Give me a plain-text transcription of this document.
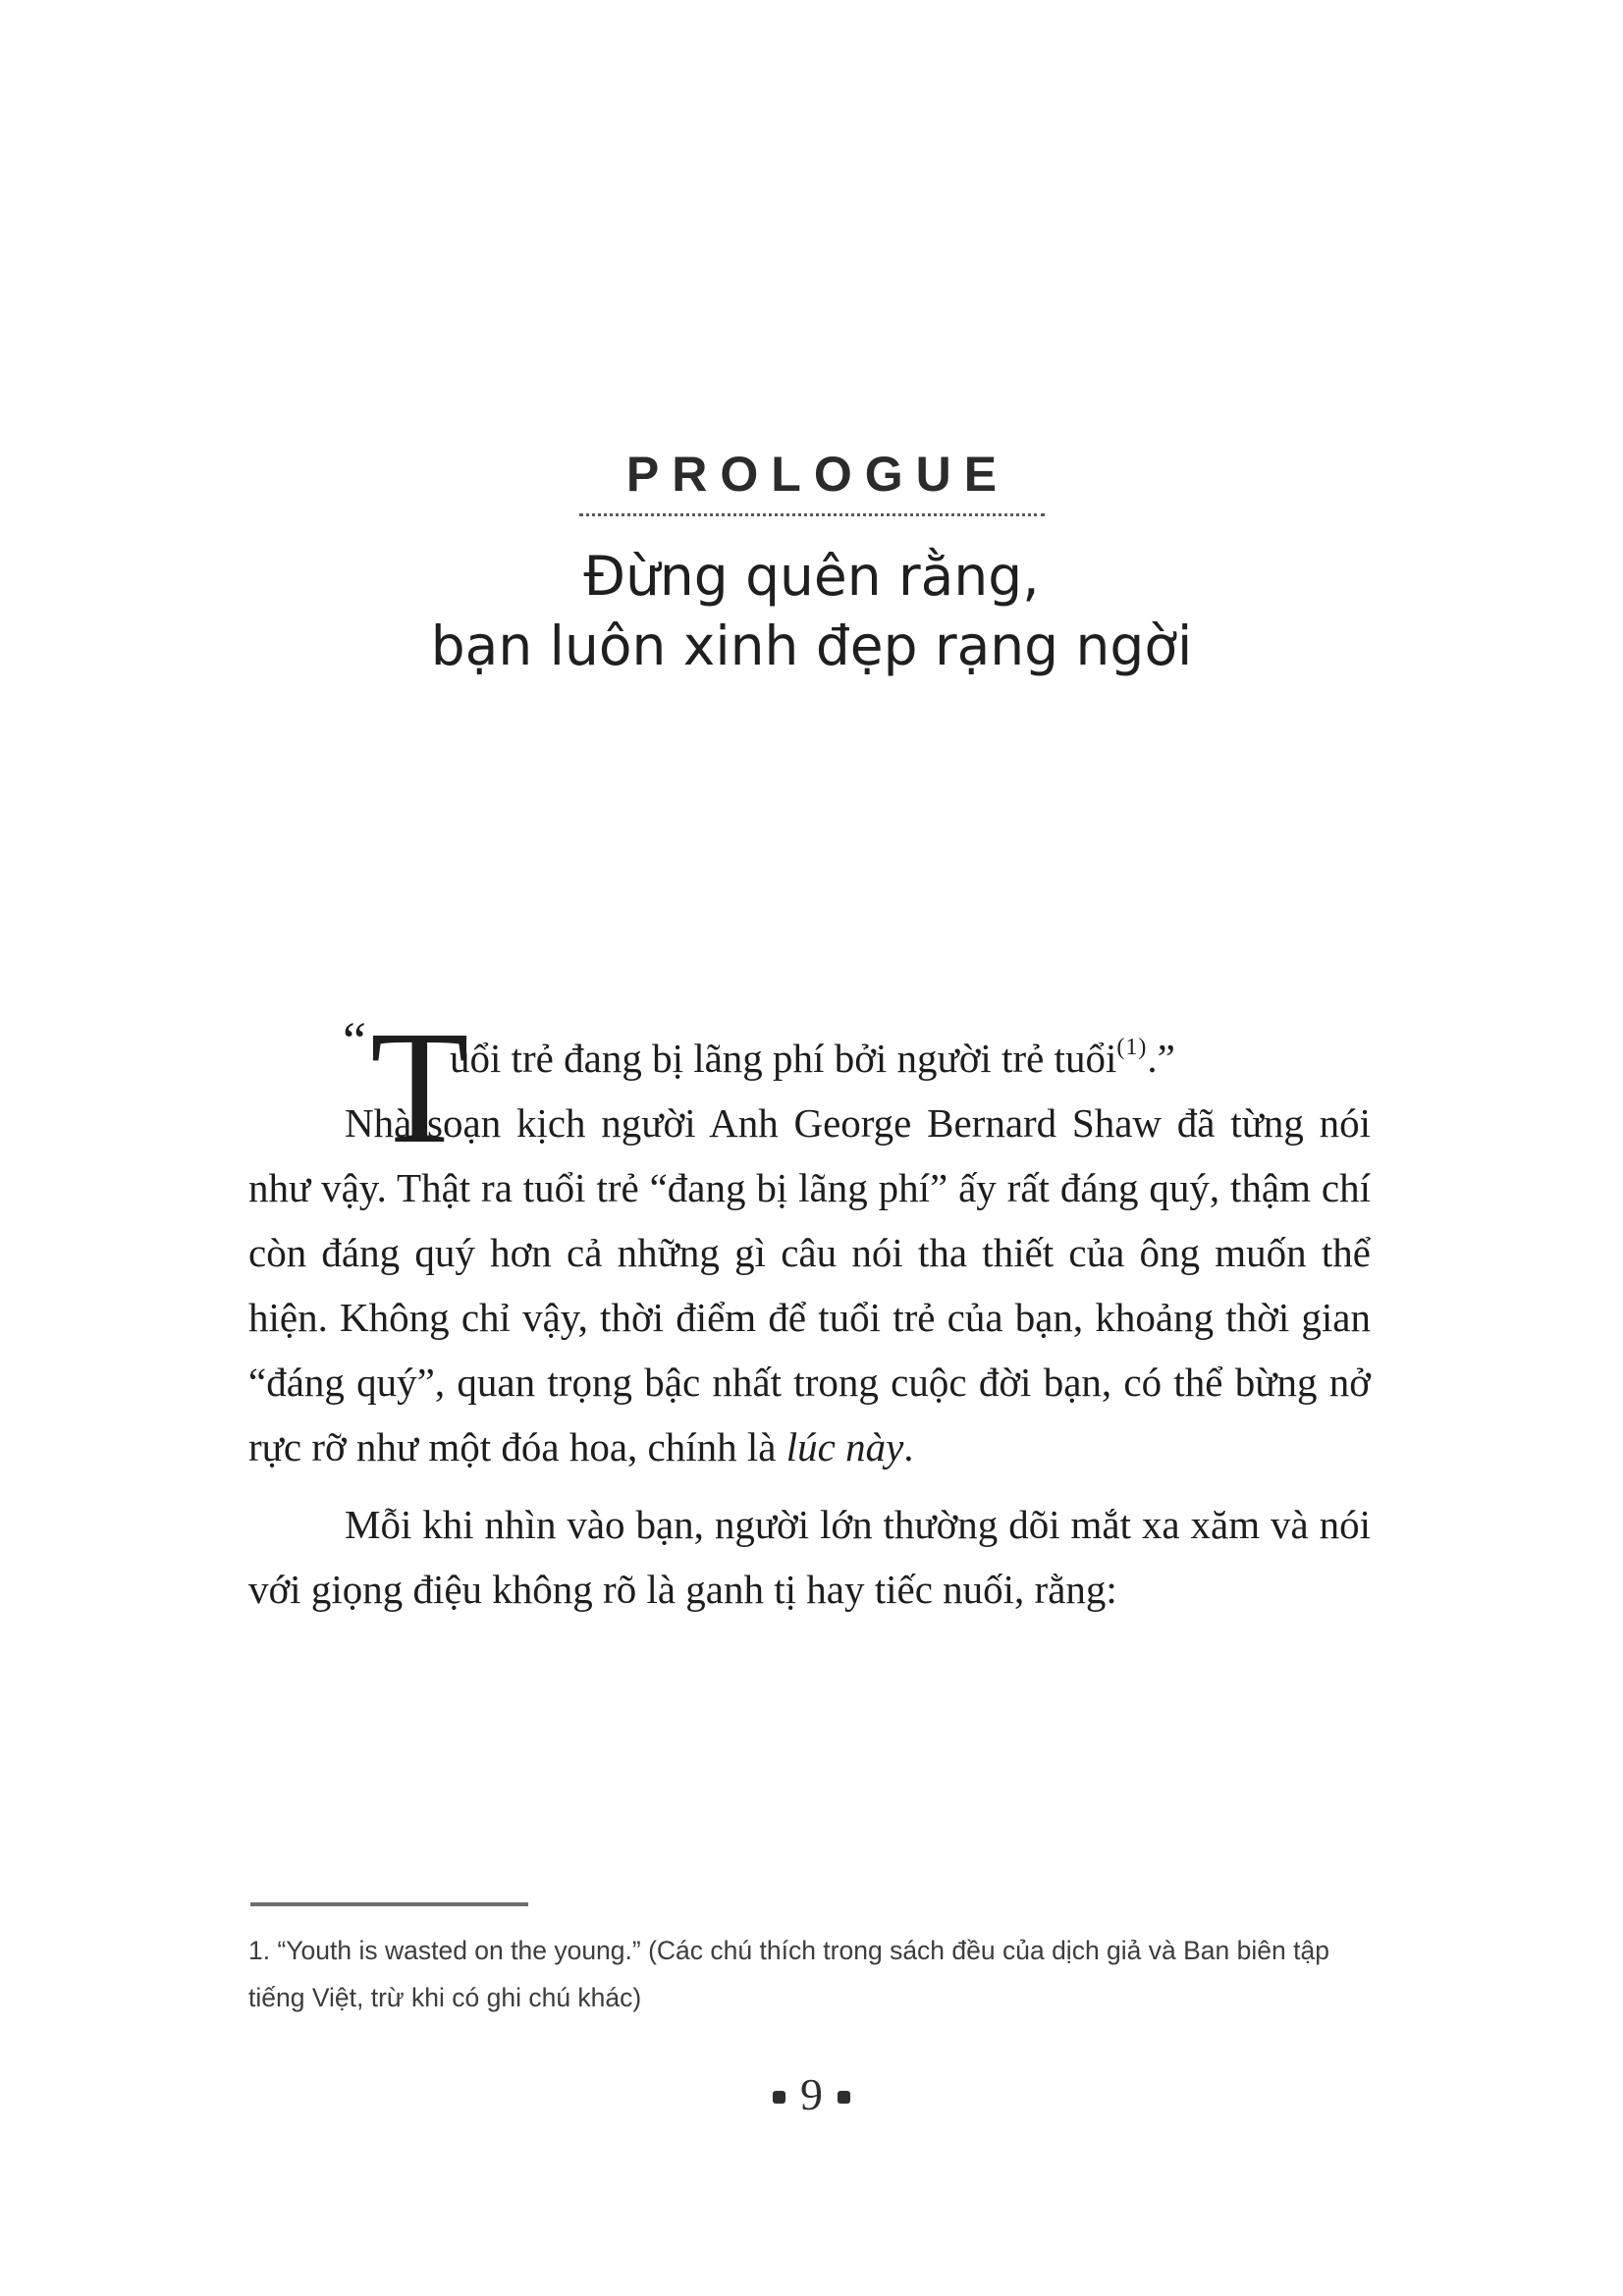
PROLOGUE
Đừng quên rằng,
bạn luôn xinh đẹp rạng ngời

“ T
uổi trẻ đang bị lãng phí bởi người trẻ tuổi$^{(1)}$.”

Nhà soạn kịch người Anh George Bernard Shaw đã từng nói như vậy. Thật ra tuổi trẻ “đang bị lãng phí” ấy rất đáng quý, thậm chí còn đáng quý hơn cả những gì câu nói tha thiết của ông muốn thể hiện. Không chỉ vậy, thời điểm để tuổi trẻ của bạn, khoảng thời gian “đáng quý”, quan trọng bậc nhất trong cuộc đời bạn, có thể bừng nở rực rỡ như một đóa hoa, chính là lúc này.

Mỗi khi nhìn vào bạn, người lớn thường dõi mắt xa xăm và nói với giọng điệu không rõ là ganh tị hay tiếc nuối, rằng:

1. “Youth is wasted on the young.” (Các chú thích trong sách đều của dịch giả và Ban biên tập tiếng Việt, trừ khi có ghi chú khác)

9
